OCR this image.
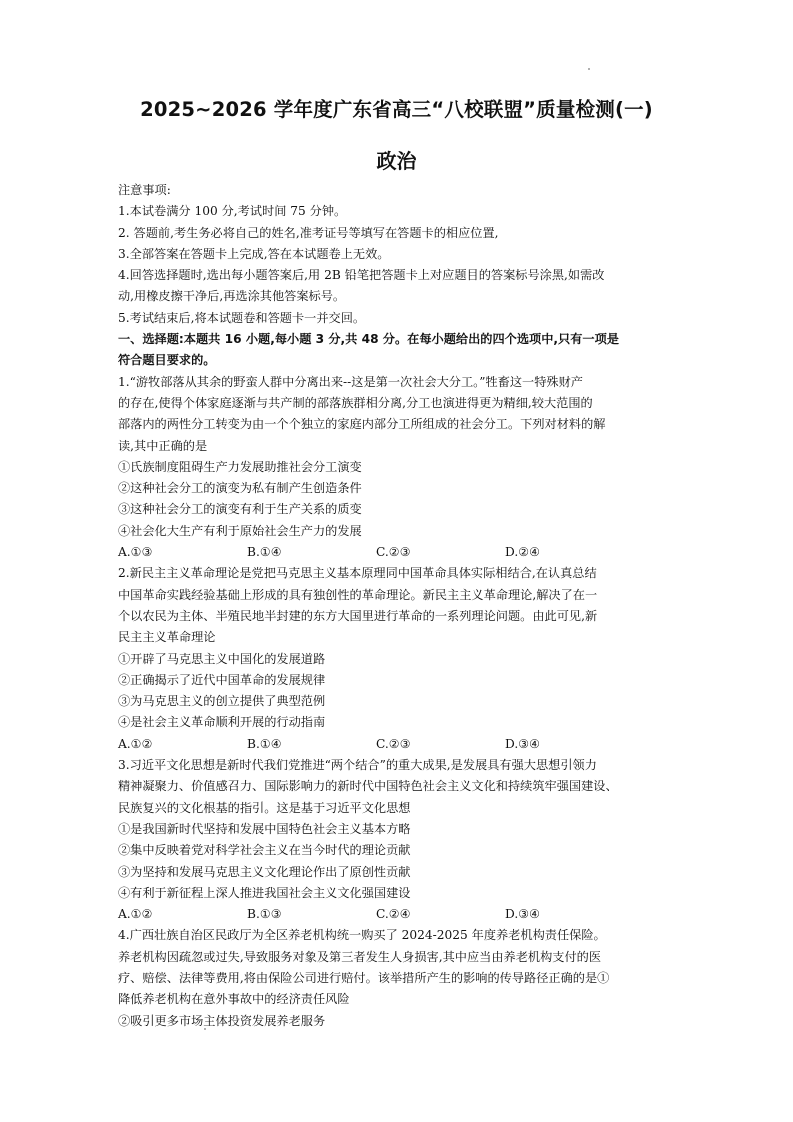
2025~2026 学年度广东省高三“八校联盟”质量检测(一)
政治
注意事项:
1.本试卷满分 100 分,考试时间 75 分钟。
2. 答题前,考生务必将自己的姓名,准考证号等填写在答题卡的相应位置,
3.全部答案在答题卡上完成,答在本试题卷上无效。
4.回答选择题时,选出每小题答案后,用 2B 铅笔把答题卡上对应题目的答案标号涂黑,如需改
动,用橡皮擦干净后,再选涂其他答案标号。
5.考试结束后,将本试题卷和答题卡一并交回。
一、选择题:本题共 16 小题,每小题 3 分,共 48 分。在每小题给出的四个选项中,只有一项是
符合题目要求的。
1.“游牧部落从其余的野蛮人群中分离出来--这是第一次社会大分工。”牲畜这一特殊财产
的存在,使得个体家庭逐渐与共产制的部落族群相分离,分工也演进得更为精细,较大范围的
部落内的两性分工转变为由一个个独立的家庭内部分工所组成的社会分工。下列对材料的解
读,其中正确的是
①氏族制度阻碍生产力发展助推社会分工演变
②这种社会分工的演变为私有制产生创造条件
③这种社会分工的演变有利于生产关系的质变
④社会化大生产有利于原始社会生产力的发展
A.①③	B.①④	C.②③	D.②④
2.新民主主义革命理论是党把马克思主义基本原理同中国革命具体实际相结合,在认真总结
中国革命实践经验基础上形成的具有独创性的革命理论。新民主主义革命理论,解决了在一
个以农民为主体、半殖民地半封建的东方大国里进行革命的一系列理论问题。由此可见,新
民主主义革命理论
①开辟了马克思主义中国化的发展道路
②正确揭示了近代中国革命的发展规律
③为马克思主义的创立提供了典型范例
④是社会主义革命顺利开展的行动指南
A.①②	B.①④	C.②③	D.③④
3.习近平文化思想是新时代我们党推进“两个结合”的重大成果,是发展具有强大思想引领力
精神凝聚力、价值感召力、国际影响力的新时代中国特色社会主义文化和持续筑牢强国建设、
民族复兴的文化根基的指引。这是基于习近平文化思想
①是我国新时代坚持和发展中国特色社会主义基本方略
②集中反映着党对科学社会主义在当今时代的理论贡献
③为坚持和发展马克思主义文化理论作出了原创性贡献
④有利于新征程上深人推进我国社会主义文化强国建设
A.①②	B.①③	C.②④	D.③④
4.广西壮族自治区民政厅为全区养老机构统一购买了 2024-2025 年度养老机构责任保险。
养老机构因疏忽或过失,导致服务对象及第三者发生人身损害,其中应当由养老机构支付的医
疗、赔偿、法律等费用,将由保险公司进行赔付。该举措所产生的影响的传导路径正确的是①
降低养老机构在意外事故中的经济责任风险
②吸引更多市场主体投资发展养老服务
